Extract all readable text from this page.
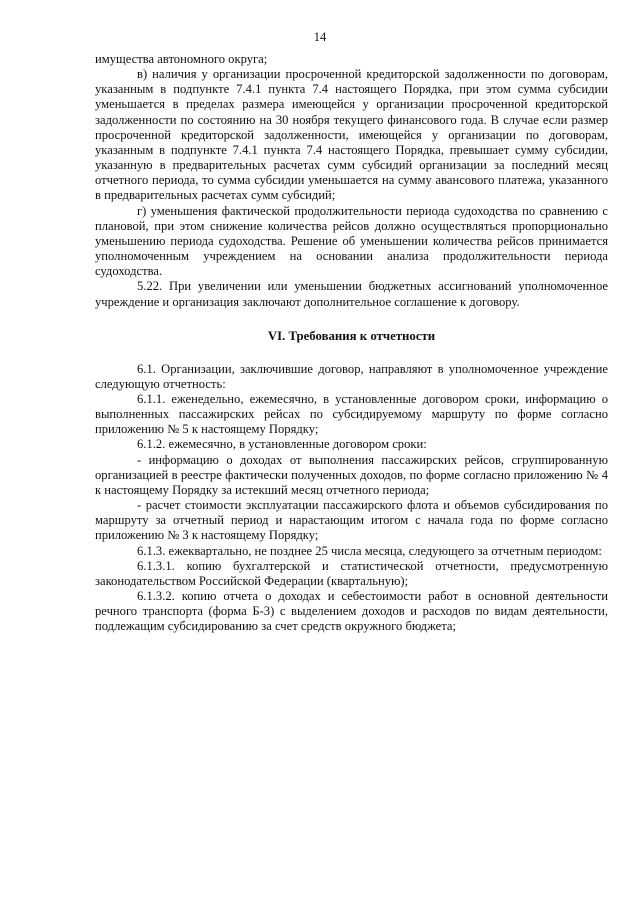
14

имущества автономного округа;

в) наличия у организации просроченной кредиторской задолженности по договорам, указанным в подпункте 7.4.1 пункта 7.4 настоящего Порядка, при этом сумма субсидии уменьшается в пределах размера имеющейся у организации просроченной кредиторской задолженности по состоянию на 30 ноября текущего финансового года. В случае если размер просроченной кредиторской задолженности, имеющейся у организации по договорам, указанным в подпункте 7.4.1 пункта 7.4 настоящего Порядка, превышает сумму субсидии, указанную в предварительных расчетах сумм субсидий организации за последний месяц отчетного периода, то сумма субсидии уменьшается на сумму авансового платежа, указанного в предварительных расчетах сумм субсидий;

г) уменьшения фактической продолжительности периода судоходства по сравнению с плановой, при этом снижение количества рейсов должно осуществляться пропорционально уменьшению периода судоходства. Решение об уменьшении количества рейсов принимается уполномоченным учреждением на основании анализа продолжительности периода судоходства.

5.22. При увеличении или уменьшении бюджетных ассигнований уполномоченное учреждение и организация заключают дополнительное соглашение к договору.

VI. Требования к отчетности

6.1. Организации, заключившие договор, направляют в уполномоченное учреждение следующую отчетность:

6.1.1. еженедельно, ежемесячно, в установленные договором сроки, информацию о выполненных пассажирских рейсах по субсидируемому маршруту по форме согласно приложению № 5 к настоящему Порядку;

6.1.2. ежемесячно, в установленные договором сроки:

- информацию о доходах от выполнения пассажирских рейсов, сгруппированную организацией в реестре фактически полученных доходов, по форме согласно приложению № 4 к настоящему Порядку за истекший месяц отчетного периода;

- расчет стоимости эксплуатации пассажирского флота и объемов субсидирования по маршруту за отчетный период и нарастающим итогом с начала года по форме согласно приложению № 3 к настоящему Порядку;

6.1.3. ежеквартально, не позднее 25 числа месяца, следующего за отчетным периодом:

6.1.3.1. копию бухгалтерской и статистической отчетности, предусмотренную законодательством Российской Федерации (квартальную);

6.1.3.2. копию отчета о доходах и себестоимости работ в основной деятельности речного транспорта (форма Б-3) с выделением доходов и расходов по видам деятельности, подлежащим субсидированию за счет средств окружного бюджета;
